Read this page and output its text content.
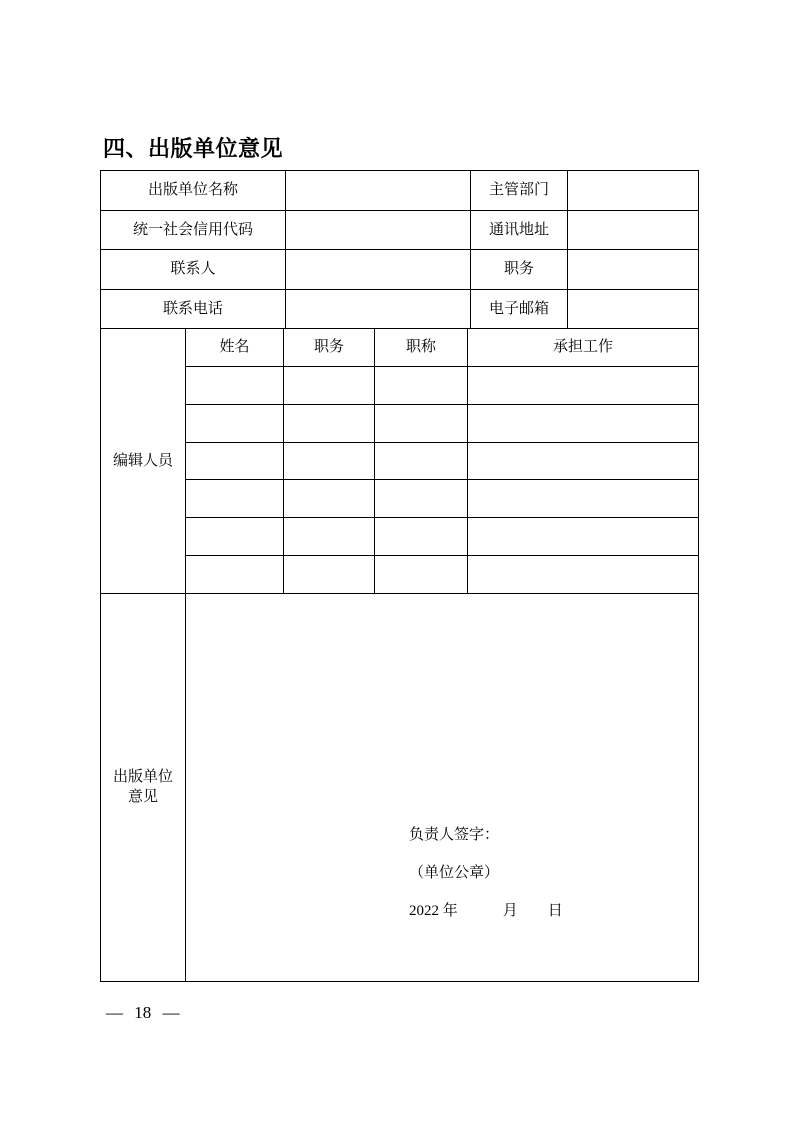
四、出版单位意见
出版单位名称	主管部门
统一社会信用代码	通讯地址
联系人	职务
联系电话	电子邮箱
编辑人员
姓名	职务	职称	承担工作
出版单位
意见
负责人签字：
（单位公章）
2022 年　　　月　　日
— 18 —
